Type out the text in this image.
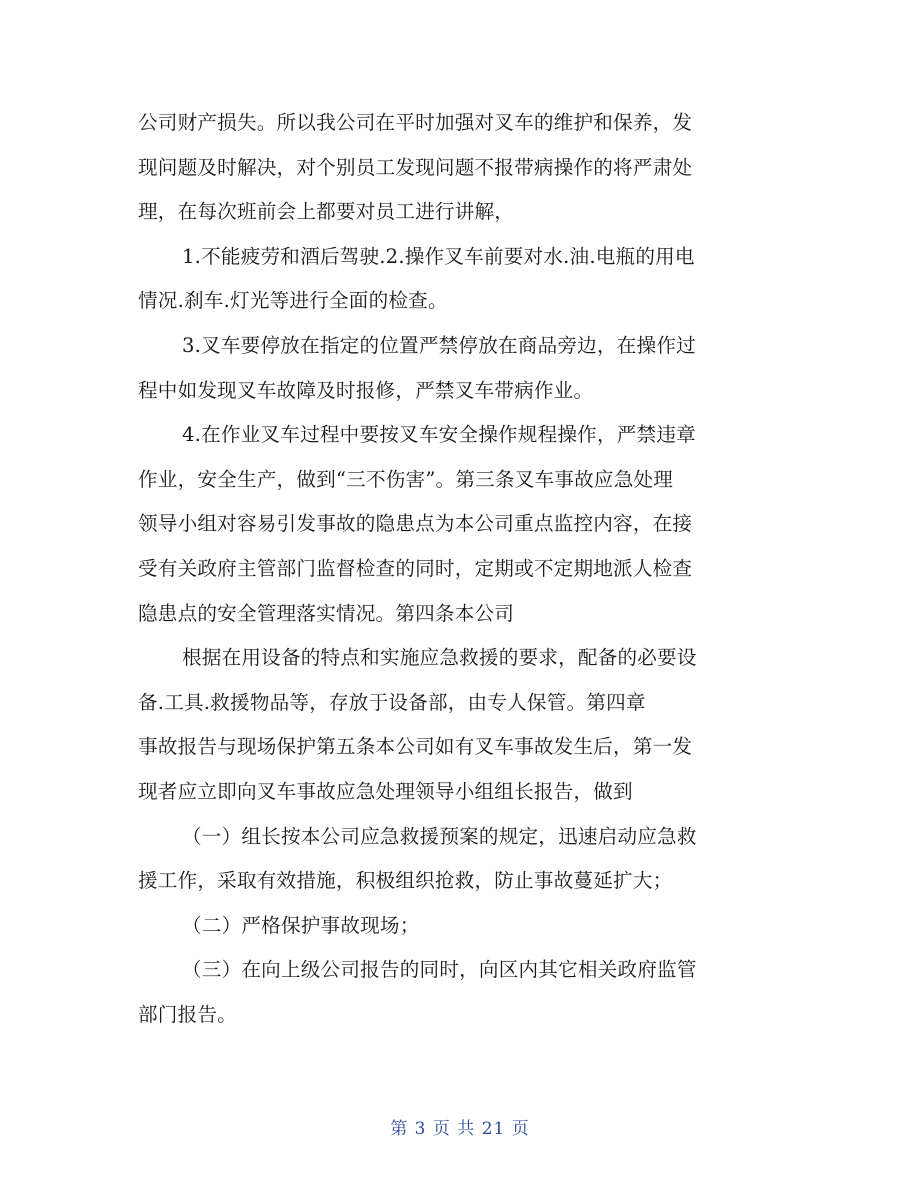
公司财产损失。所以我公司在平时加强对叉车的维护和保养，发
现问题及时解决，对个别员工发现问题不报带病操作的将严肃处
理，在每次班前会上都要对员工进行讲解，
1.不能疲劳和酒后驾驶.2.操作叉车前要对水.油.电瓶的用电
情况.刹车.灯光等进行全面的检查。
3.叉车要停放在指定的位置严禁停放在商品旁边，在操作过
程中如发现叉车故障及时报修，严禁叉车带病作业。
4.在作业叉车过程中要按叉车安全操作规程操作，严禁违章
作业，安全生产，做到“三不伤害”。第三条叉车事故应急处理
领导小组对容易引发事故的隐患点为本公司重点监控内容，在接
受有关政府主管部门监督检查的同时，定期或不定期地派人检查
隐患点的安全管理落实情况。第四条本公司
根据在用设备的特点和实施应急救援的要求，配备的必要设
备.工具.救援物品等，存放于设备部，由专人保管。第四章
事故报告与现场保护第五条本公司如有叉车事故发生后，第一发
现者应立即向叉车事故应急处理领导小组组长报告，做到
（一）组长按本公司应急救援预案的规定，迅速启动应急救
援工作，采取有效措施，积极组织抢救，防止事故蔓延扩大；
（二）严格保护事故现场；
（三）在向上级公司报告的同时，向区内其它相关政府监管
部门报告。

第 3 页 共 21 页
